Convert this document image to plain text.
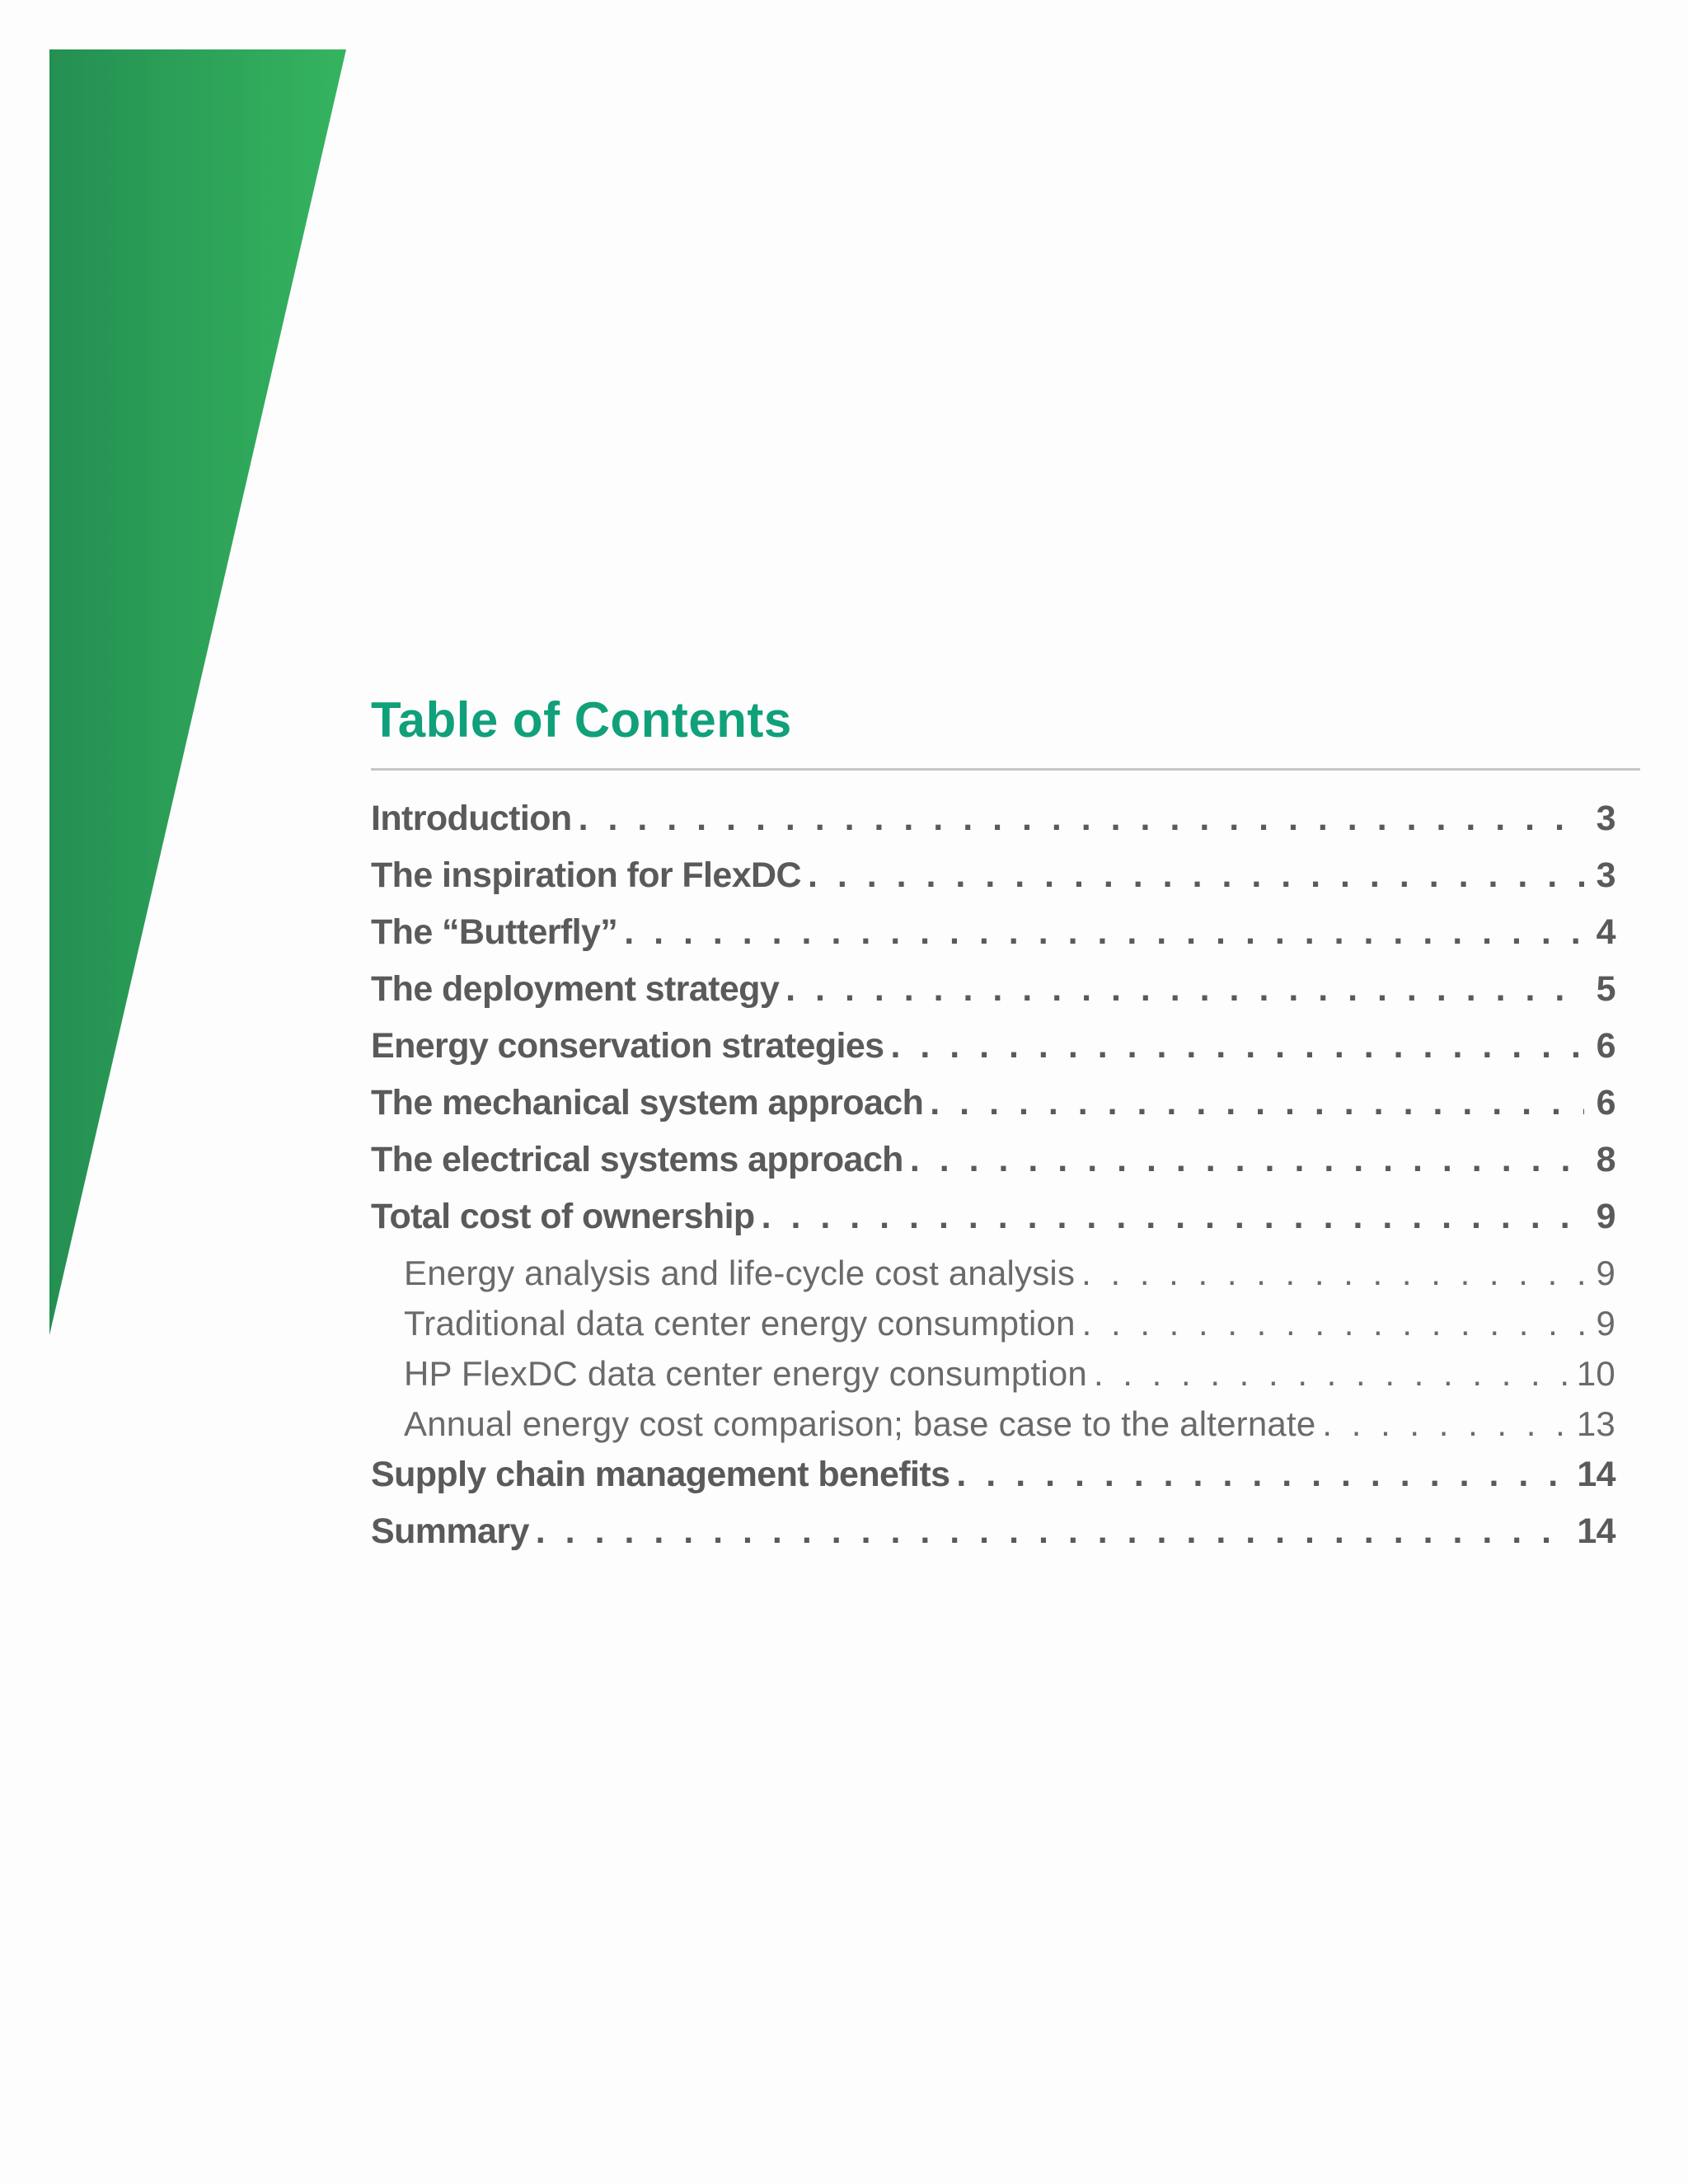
Table of Contents
Introduction . . .	3
The inspiration for FlexDC . . .	3
The “Butterfly” . . .	4
The deployment strategy . . .	5
Energy conservation strategies . . .	6
The mechanical system approach . . .	6
The electrical systems approach . . .	8
Total cost of ownership . . .	9
Energy analysis and life-cycle cost analysis . . .	9
Traditional data center energy consumption . . .	9
HP FlexDC data center energy consumption . . .	10
Annual energy cost comparison; base case to the alternate . . .	13
Supply chain management benefits . . .	14
Summary . . .	14
